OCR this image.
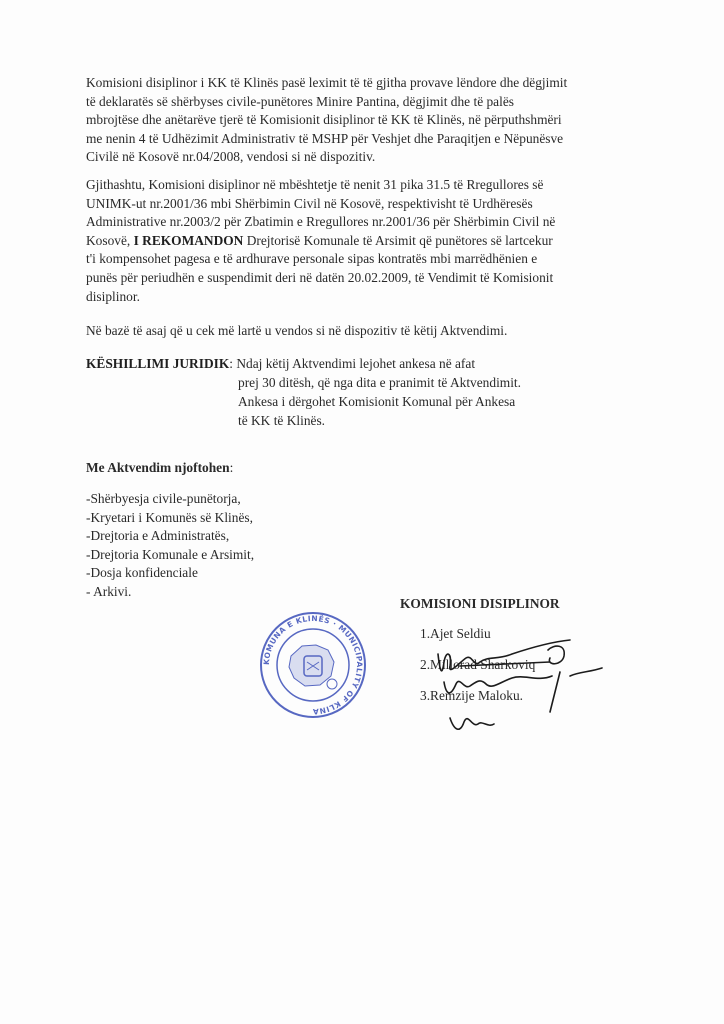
Komisioni disiplinor i KK të Klinës pasë leximit të të gjitha provave lëndore dhe dëgjimit
të deklaratës së shërbyses civile-punëtores Minire Pantina, dëgjimit dhe të palës
mbrojtëse dhe anëtarëve tjerë të Komisionit disiplinor të KK të Klinës, në përputhshmëri
me nenin 4 të Udhëzimit Administrativ të MSHP për Veshjet dhe Paraqitjen e Nëpunësve
Civilë në Kosovë nr.04/2008, vendosi si në dispozitiv.

Gjithashtu, Komisioni disiplinor në mbështetje të nenit 31 pika 31.5 të Rregullores së
UNIMK-ut nr.2001/36 mbi Shërbimin Civil në Kosovë, respektivisht të Urdhëresës
Administrative nr.2003/2 për Zbatimin e Rregullores nr.2001/36 për Shërbimin Civil në
Kosovë, I REKOMANDON Drejtorisë Komunale të Arsimit që punëtores së lartcekur
t'i kompensohet pagesa e të ardhurave personale sipas kontratës mbi marrëdhënien e
punës për periudhën e suspendimit deri në datën 20.02.2009, të Vendimit të Komisionit
disiplinor.

Në bazë të asaj që u cek më lartë u vendos si në dispozitiv të këtij Aktvendimi.

KËSHILLIMI JURIDIK: Ndaj këtij Aktvendimi lejohet ankesa në afat
prej 30 ditësh, që nga dita e pranimit të Aktvendimit.
Ankesa i dërgohet Komisionit Komunal për Ankesa
të KK të Klinës.
Me Aktvendim njoftohen:
-Shërbyesja civile-punëtorja,
-Kryetari i Komunës së Klinës,
-Drejtoria e Administratës,
-Drejtoria Komunale e Arsimit,
-Dosja konfidenciale
- Arkivi.
KOMISIONI DISIPLINOR
1.Ajet Seldiu
2.Millorad Sharkoviq
3.Remzije Maloku.
KOMUNA E KLINËS · MUNICIPALITY OF KLINA
